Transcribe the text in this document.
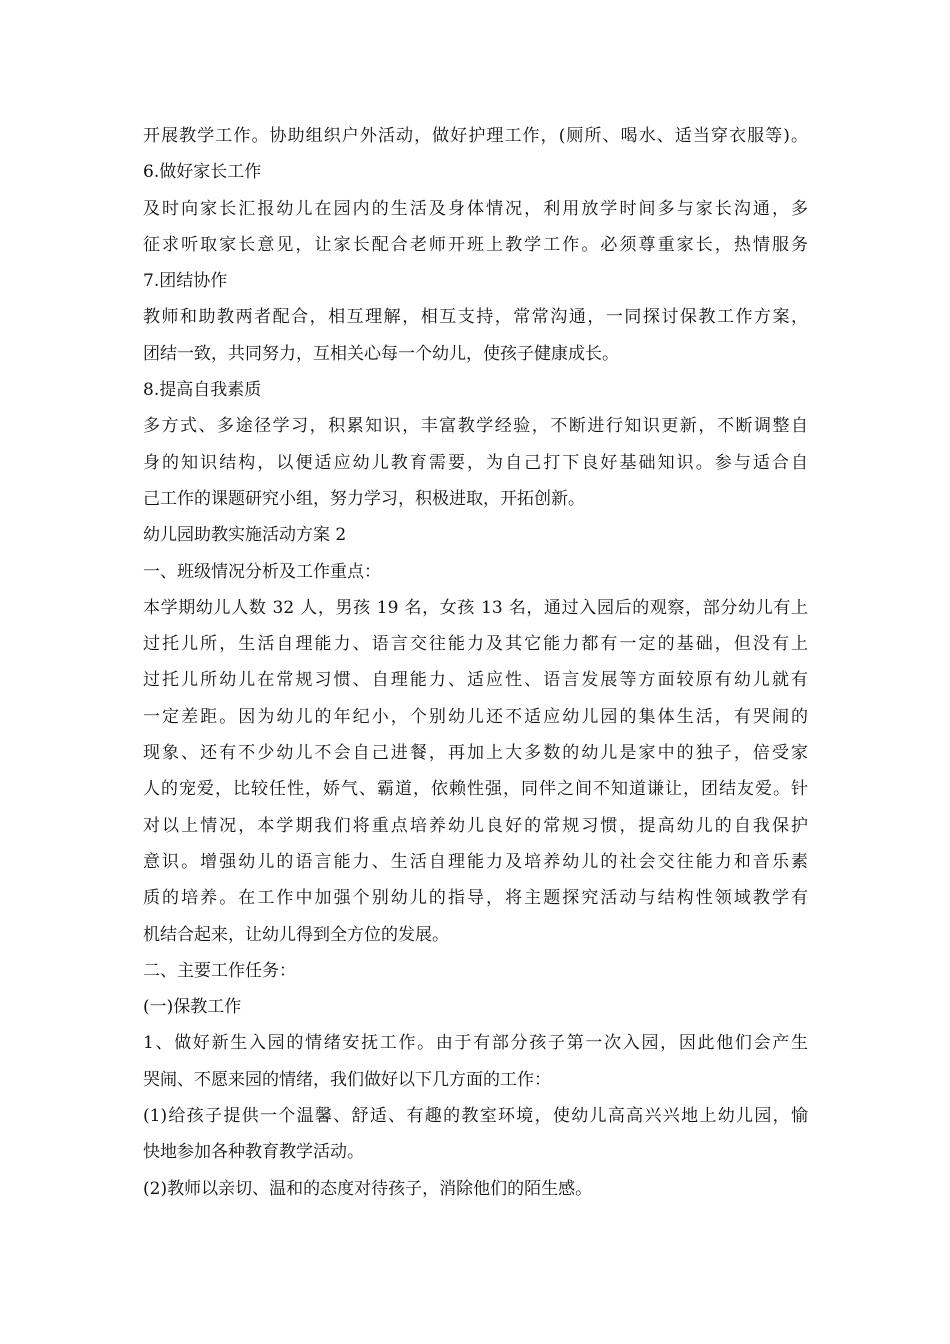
开展教学工作。协助组织户外活动，做好护理工作，(厕所、喝水、适当穿衣服等)。
6.做好家长工作
及时向家长汇报幼儿在园内的生活及身体情况，利用放学时间多与家长沟通，多
征求听取家长意见，让家长配合老师开班上教学工作。必须尊重家长，热情服务
7.团结协作
教师和助教两者配合，相互理解，相互支持，常常沟通，一同探讨保教工作方案，
团结一致，共同努力，互相关心每一个幼儿，使孩子健康成长。
8.提高自我素质
多方式、多途径学习，积累知识，丰富教学经验，不断进行知识更新，不断调整自
身的知识结构，以便适应幼儿教育需要，为自己打下良好基础知识。参与适合自
己工作的课题研究小组，努力学习，积极进取，开拓创新。
幼儿园助教实施活动方案 2
一、班级情况分析及工作重点：
本学期幼儿人数 32 人，男孩 19 名，女孩 13 名，通过入园后的观察，部分幼儿有上
过托儿所，生活自理能力、语言交往能力及其它能力都有一定的基础，但没有上
过托儿所幼儿在常规习惯、自理能力、适应性、语言发展等方面较原有幼儿就有
一定差距。因为幼儿的年纪小，个别幼儿还不适应幼儿园的集体生活，有哭闹的
现象、还有不少幼儿不会自己进餐，再加上大多数的幼儿是家中的独子，倍受家
人的宠爱，比较任性，娇气、霸道，依赖性强，同伴之间不知道谦让，团结友爱。针
对以上情况，本学期我们将重点培养幼儿良好的常规习惯，提高幼儿的自我保护
意识。增强幼儿的语言能力、生活自理能力及培养幼儿的社会交往能力和音乐素
质的培养。在工作中加强个别幼儿的指导，将主题探究活动与结构性领域教学有
机结合起来，让幼儿得到全方位的发展。
二、主要工作任务：
(一)保教工作
1、做好新生入园的情绪安抚工作。由于有部分孩子第一次入园，因此他们会产生
哭闹、不愿来园的情绪，我们做好以下几方面的工作：
(1)给孩子提供一个温馨、舒适、有趣的教室环境，使幼儿高高兴兴地上幼儿园，愉
快地参加各种教育教学活动。
(2)教师以亲切、温和的态度对待孩子，消除他们的陌生感。
